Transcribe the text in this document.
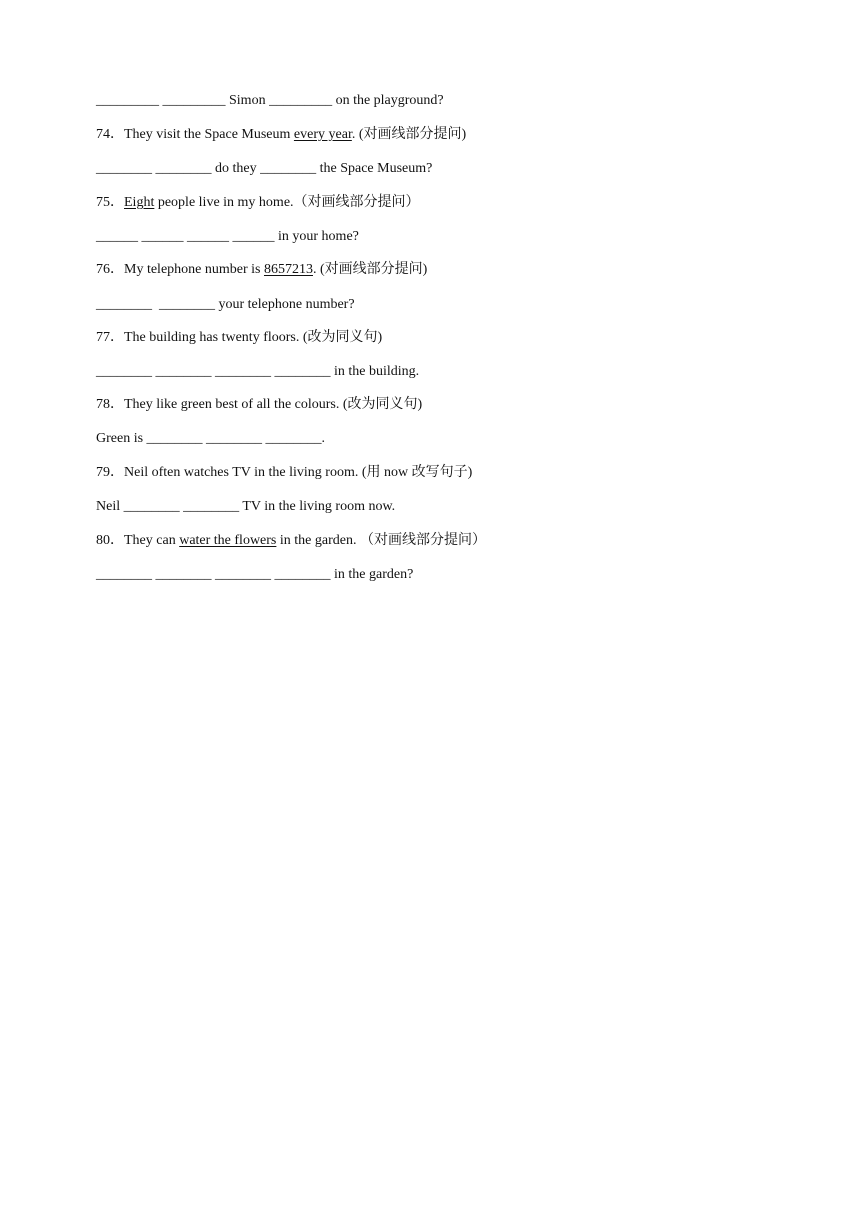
_________ _________ Simon _________ on the playground?

74．They visit the Space Museum every year. (对画线部分提问)

________ ________ do they ________ the Space Museum?

75．Eight people live in my home.（对画线部分提问）

______ ______ ______ ______ in your home?

76．My telephone number is 8657213. (对画线部分提问)

________  ________ your telephone number?

77．The building has twenty floors. (改为同义句)

________ ________ ________ ________ in the building.

78．They like green best of all the colours. (改为同义句)

Green is ________ ________ ________.

79．Neil often watches TV in the living room. (用 now 改写句子)

Neil ________ ________ TV in the living room now.

80．They can water the flowers in the garden. （对画线部分提问）

________ ________ ________ ________ in the garden?
